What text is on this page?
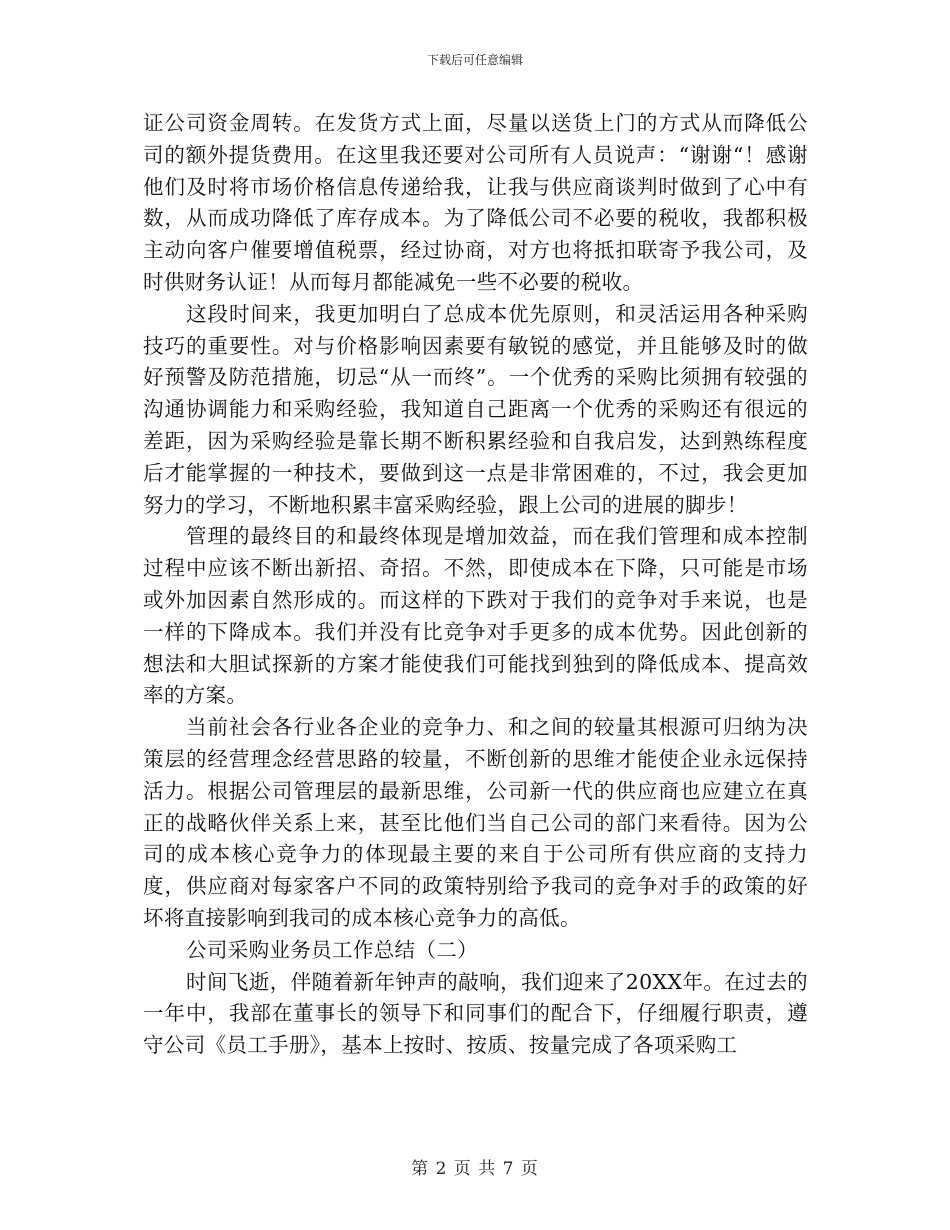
下载后可任意编辑

证公司资金周转。在发货方式上面，尽量以送货上门的方式从而降低公司的额外提货费用。在这里我还要对公司所有人员说声：“谢谢“！感谢他们及时将市场价格信息传递给我，让我与供应商谈判时做到了心中有数，从而成功降低了库存成本。为了降低公司不必要的税收，我都积极主动向客户催要增值税票，经过协商，对方也将抵扣联寄予我公司，及时供财务认证！从而每月都能减免一些不必要的税收。

这段时间来，我更加明白了总成本优先原则，和灵活运用各种采购技巧的重要性。对与价格影响因素要有敏锐的感觉，并且能够及时的做好预警及防范措施，切忌“从一而终”。一个优秀的采购比须拥有较强的沟通协调能力和采购经验，我知道自己距离一个优秀的采购还有很远的差距，因为采购经验是靠长期不断积累经验和自我启发，达到熟练程度后才能掌握的一种技术，要做到这一点是非常困难的，不过，我会更加努力的学习，不断地积累丰富采购经验，跟上公司的进展的脚步！

管理的最终目的和最终体现是增加效益，而在我们管理和成本控制过程中应该不断出新招、奇招。不然，即使成本在下降，只可能是市场或外加因素自然形成的。而这样的下跌对于我们的竞争对手来说，也是一样的下降成本。我们并没有比竞争对手更多的成本优势。因此创新的想法和大胆试探新的方案才能使我们可能找到独到的降低成本、提高效率的方案。

当前社会各行业各企业的竞争力、和之间的较量其根源可归纳为决策层的经营理念经营思路的较量，不断创新的思维才能使企业永远保持活力。根据公司管理层的最新思维，公司新一代的供应商也应建立在真正的战略伙伴关系上来，甚至比他们当自己公司的部门来看待。因为公司的成本核心竞争力的体现最主要的来自于公司所有供应商的支持力度，供应商对每家客户不同的政策特别给予我司的竞争对手的政策的好坏将直接影响到我司的成本核心竞争力的高低。

公司采购业务员工作总结（二）

时间飞逝，伴随着新年钟声的敲响，我们迎来了20XX年。在过去的一年中，我部在董事长的领导下和同事们的配合下，仔细履行职责，遵守公司《员工手册》，基本上按时、按质、按量完成了各项采购工

第 2 页 共 7 页
